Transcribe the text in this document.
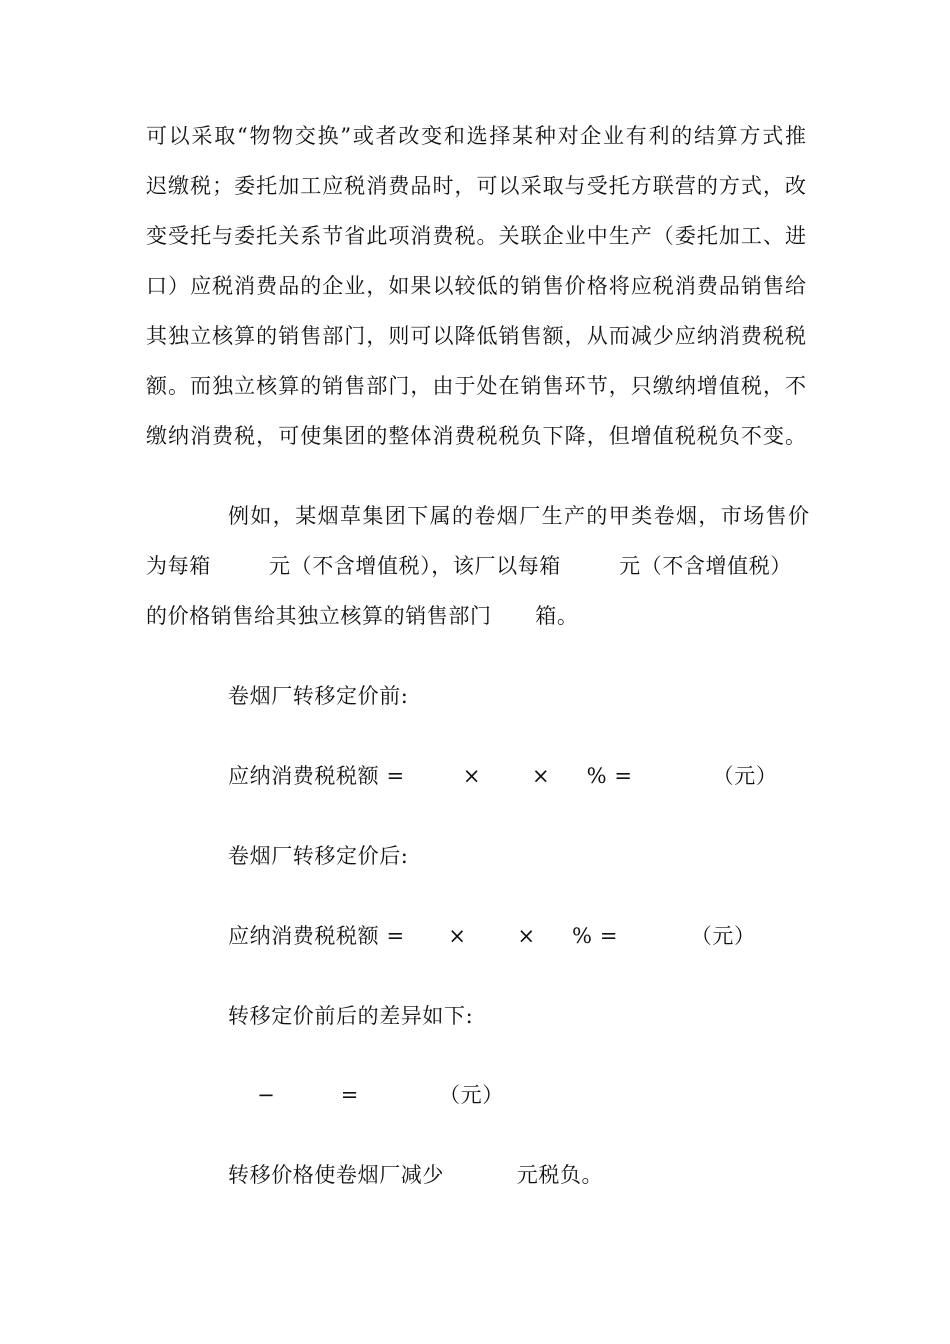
可以采取“物物交换”或者改变和选择某种对企业有利的结算方式推
迟缴税；委托加工应税消费品时，可以采取与受托方联营的方式，改
变受托与委托关系节省此项消费税。关联企业中生产（委托加工、进
口）应税消费品的企业，如果以较低的销售价格将应税消费品销售给
其独立核算的销售部门，则可以降低销售额，从而减少应纳消费税税
额。而独立核算的销售部门，由于处在销售环节，只缴纳增值税，不
缴纳消费税，可使集团的整体消费税税负下降，但增值税税负不变。
例如，某烟草集团下属的卷烟厂生产的甲类卷烟，市场售价
为每箱        元（不含增值税），该厂以每箱        元（不含增值税）
的价格销售给其独立核算的销售部门      箱。
卷烟厂转移定价前:
应纳消费税税额 =        ×       ×     % =           （元）
卷烟厂转移定价后:
应纳消费税税额 =      ×       ×     % =          （元）
转移定价前后的差异如下:
−         =           （元）
转移价格使卷烟厂减少          元税负。
